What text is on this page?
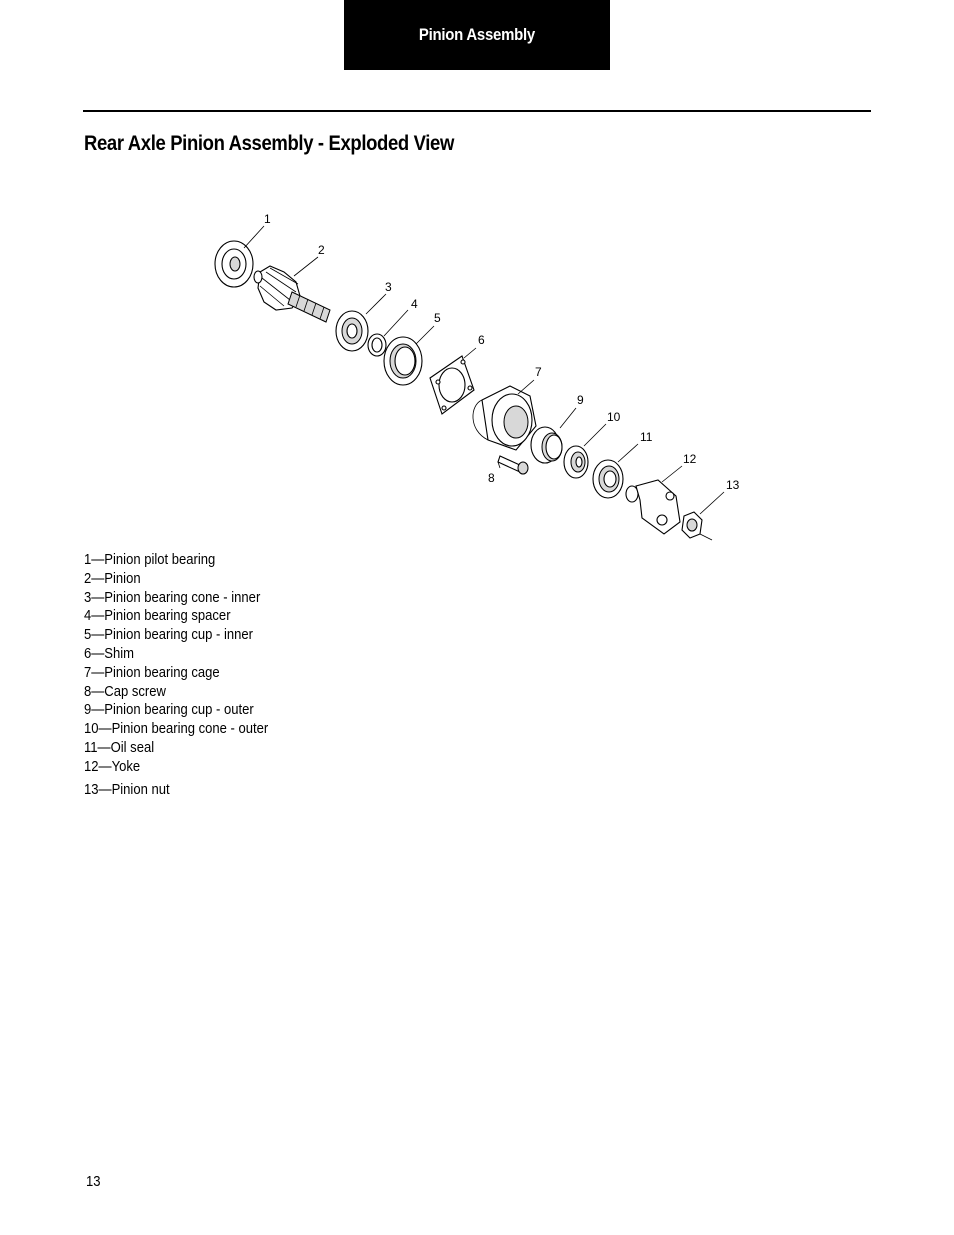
Pinion Assembly
Rear Axle Pinion Assembly - Exploded View
1
2
3
4
5
6
7
8
9
10
11
12
13
1—Pinion pilot bearing
2—Pinion
3—Pinion bearing cone - inner
4—Pinion bearing spacer
5—Pinion bearing cup - inner
6—Shim
7—Pinion bearing cage
8—Cap screw
9—Pinion bearing cup - outer
10—Pinion bearing cone - outer
11—Oil seal
12—Yoke
13—Pinion nut
13
